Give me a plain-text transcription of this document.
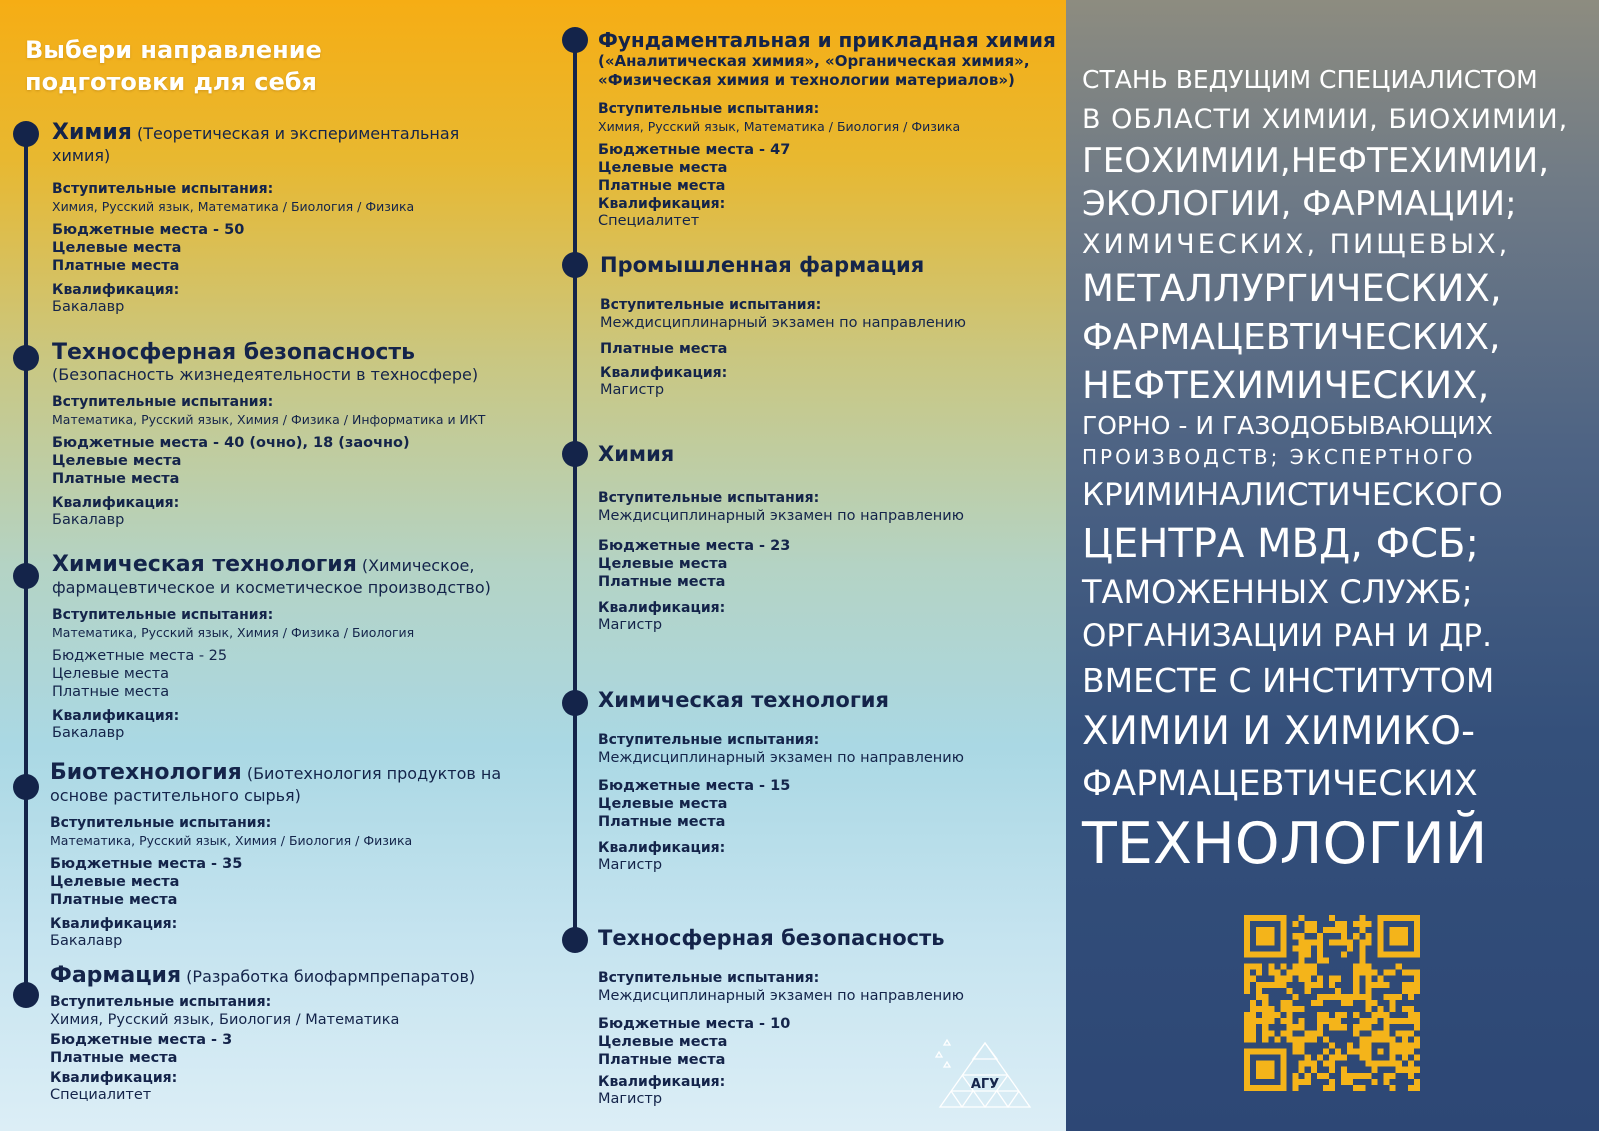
Выбери направление
подготовки для себя

Химия (Теоретическая и экспериментальная

химия)

Вступительные испытания:

Химия, Русский язык, Математика / Биология / Физика

Бюджетные места - 50
Целевые места
Платные места

Квалификация:

Бакалавр

Техносферная безопасность

(Безопасность жизнедеятельности в техносфере)

Вступительные испытания:

Математика, Русский язык, Химия / Физика / Информатика и ИКТ

Бюджетные места - 40 (очно), 18 (заочно)
Целевые места
Платные места

Квалификация:

Бакалавр

Химическая технология (Химическое,

фармацевтическое и косметическое производство)

Вступительные испытания:

Математика, Русский язык, Химия / Физика / Биология

Бюджетные места - 25
Целевые места
Платные места

Квалификация:

Бакалавр

Биотехнология (Биотехнология продуктов на

основе растительного сырья)

Вступительные испытания:

Математика, Русский язык, Химия / Биология / Физика

Бюджетные места - 35
Целевые места
Платные места

Квалификация:

Бакалавр

Фармация (Разработка биофармпрепаратов)

Вступительные испытания:

Химия, Русский язык, Биология / Математика

Бюджетные места - 3
Платные места

Квалификация:

Специалитет

Фундаментальная и прикладная химия

(«Аналитическая химия», «Органическая химия»,

«Физическая химия и технологии материалов»)

Вступительные испытания:

Химия, Русский язык, Математика / Биология / Физика

Бюджетные места - 47
Целевые места
Платные места

Квалификация:

Специалитет

Промышленная фармация

Вступительные испытания:

Междисциплинарный экзамен по направлению

Платные места

Квалификация:

Магистр

Химия

Вступительные испытания:

Междисциплинарный экзамен по направлению

Бюджетные места - 23
Целевые места
Платные места

Квалификация:

Магистр

Химическая технология

Вступительные испытания:

Междисциплинарный экзамен по направлению

Бюджетные места - 15
Целевые места
Платные места

Квалификация:

Магистр

Техносферная безопасность

Вступительные испытания:

Междисциплинарный экзамен по направлению

Бюджетные места - 10
Целевые места
Платные места

Квалификация:

Магистр

АГУ

СТАНЬ ВЕДУЩИМ СПЕЦИАЛИСТОМ

В ОБЛАСТИ ХИМИИ, БИОХИМИИ,

ГЕОХИМИИ,НЕФТЕХИМИИ,

ЭКОЛОГИИ, ФАРМАЦИИ;

ХИМИЧЕСКИХ, ПИЩЕВЫХ,

МЕТАЛЛУРГИЧЕСКИХ,

ФАРМАЦЕВТИЧЕСКИХ,

НЕФТЕХИМИЧЕСКИХ,

ГОРНО - И ГАЗОДОБЫВАЮЩИХ

ПРОИЗВОДСТВ; ЭКСПЕРТНОГО

КРИМИНАЛИСТИЧЕСКОГО

ЦЕНТРА МВД, ФСБ;

ТАМОЖЕННЫХ СЛУЖБ;

ОРГАНИЗАЦИИ РАН И ДР.

ВМЕСТЕ С ИНСТИТУТОМ

ХИМИИ И ХИМИКО-

ФАРМАЦЕВТИЧЕСКИХ

ТЕХНОЛОГИЙ
